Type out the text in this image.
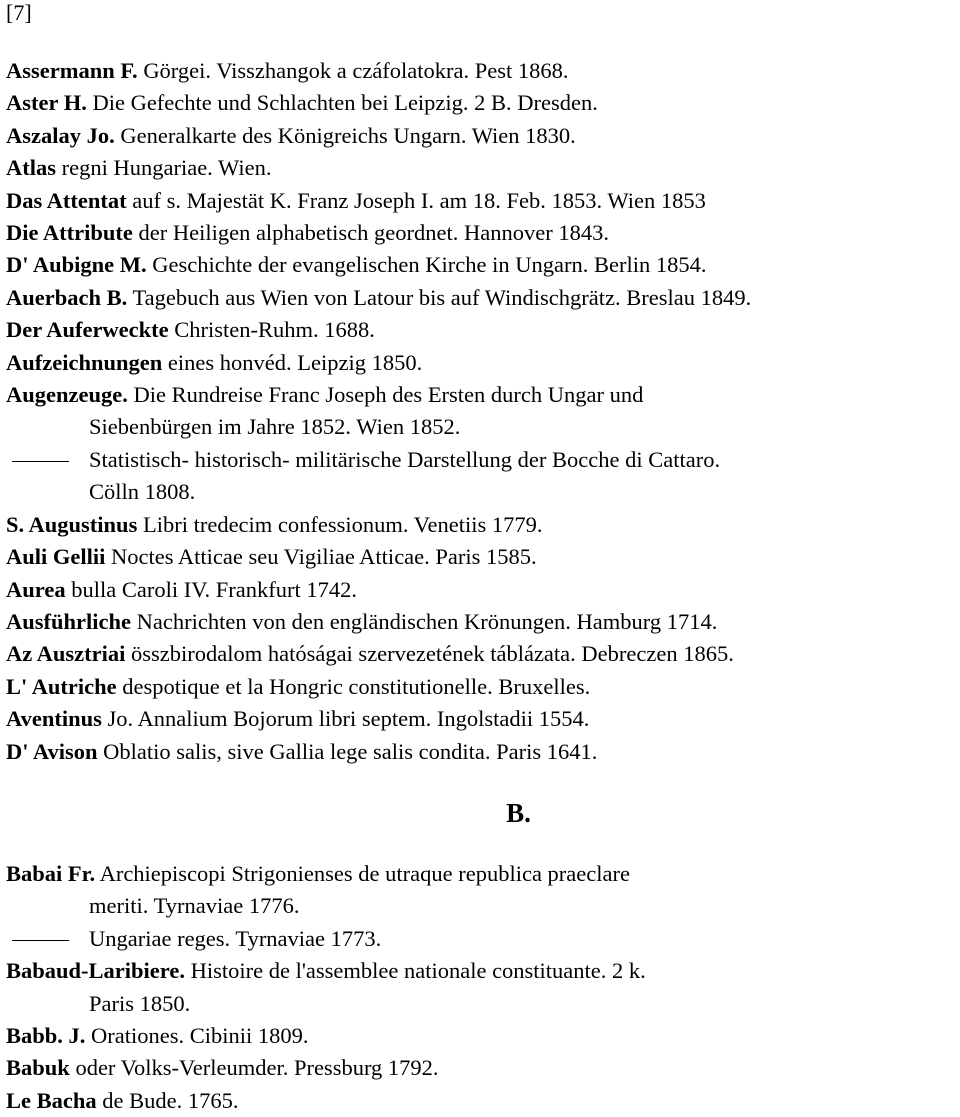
[7]
Assermann F. Görgei. Visszhangok a czáfolatokra. Pest 1868.
Aster H. Die Gefechte und Schlachten bei Leipzig. 2 B. Dresden.
Aszalay Jo. Generalkarte des Königreichs Ungarn. Wien 1830.
Atlas regni Hungariae. Wien.
Das Attentat auf s. Majestät K. Franz Joseph I. am 18. Feb. 1853. Wien 1853
Die Attribute der Heiligen alphabetisch geordnet. Hannover 1843.
D' Aubigne M. Geschichte der evangelischen Kirche in Ungarn. Berlin 1854.
Auerbach B. Tagebuch aus Wien von Latour bis auf Windischgrätz. Breslau 1849.
Der Auferweckte Christen-Ruhm. 1688.
Aufzeichnungen eines honvéd. Leipzig 1850.
Augenzeuge. Die Rundreise Franc Joseph des Ersten durch Ungar und
Siebenbürgen im Jahre 1852. Wien 1852.
Statistisch- historisch- militärische Darstellung der Bocche di Cattaro.
Cölln 1808.
S. Augustinus Libri tredecim confessionum. Venetiis 1779.
Auli Gellii Noctes Atticae seu Vigiliae Atticae. Paris 1585.
Aurea bulla Caroli IV. Frankfurt 1742.
Ausführliche Nachrichten von den engländischen Krönungen. Hamburg 1714.
Az Ausztriai összbirodalom hatóságai szervezetének táblázata. Debreczen 1865.
L' Autriche despotique et la Hongric constitutionelle. Bruxelles.
Aventinus Jo. Annalium Bojorum libri septem. Ingolstadii 1554.
D' Avison Oblatio salis, sive Gallia lege salis condita. Paris 1641.
B.
Babai Fr. Archiepiscopi Strigonienses de utraque republica praeclare
meriti. Tyrnaviae 1776.
Ungariae reges. Tyrnaviae 1773.
Babaud-Laribiere. Histoire de l'assemblee nationale constituante. 2 k.
Paris 1850.
Babb. J. Orationes. Cibinii 1809.
Babuk oder Volks-Verleumder. Pressburg 1792.
Le Bacha de Bude. 1765.
